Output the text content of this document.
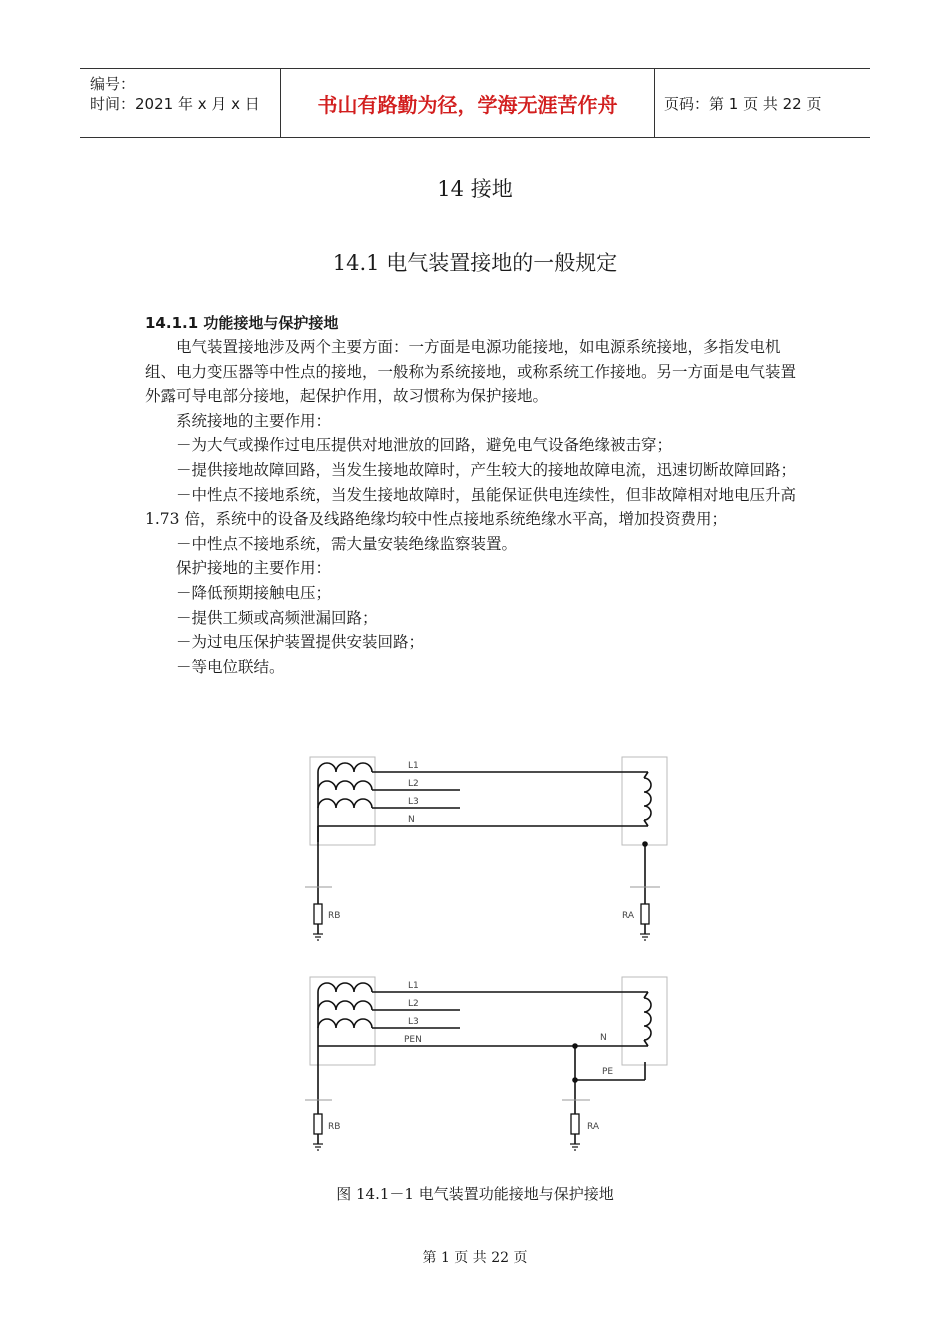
编号：
时间：2021 年 x 月 x 日	书山有路勤为径，学海无涯苦作舟	页码：第 1 页 共 22 页
14 接地
14.1 电气装置接地的一般规定
14.1.1 功能接地与保护接地

电气装置接地涉及两个主要方面：一方面是电源功能接地，如电源系统接地，多指发电机组、电力变压器等中性点的接地，一般称为系统接地，或称系统工作接地。另一方面是电气装置外露可导电部分接地，起保护作用，故习惯称为保护接地。

系统接地的主要作用：

－为大气或操作过电压提供对地泄放的回路，避免电气设备绝缘被击穿；

－提供接地故障回路，当发生接地故障时，产生较大的接地故障电流，迅速切断故障回路；

－中性点不接地系统，当发生接地故障时，虽能保证供电连续性，但非故障相对地电压升高 1.73 倍，系统中的设备及线路绝缘均较中性点接地系统绝缘水平高，增加投资费用；

－中性点不接地系统，需大量安装绝缘监察装置。

保护接地的主要作用：

－降低预期接触电压；

－提供工频或高频泄漏回路；

－为过电压保护装置提供安装回路；

－等电位联结。

L1
L2
L3
N
RB	RA
L1
L2
L3
PEN	N
PE
RB	RA
图 14.1－1 电气装置功能接地与保护接地
第 1 页 共 22 页
